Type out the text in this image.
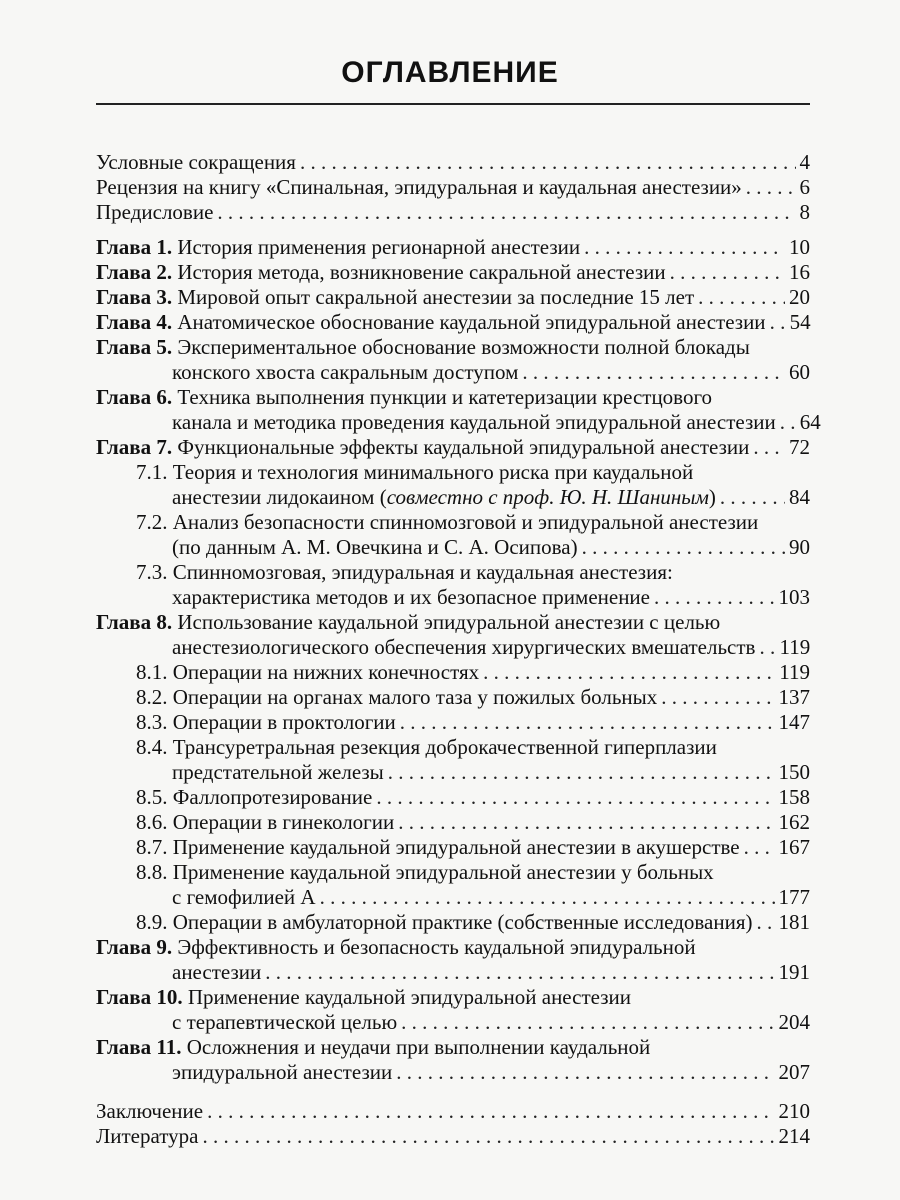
ОГЛАВЛЕНИЕ
Условные сокращения . . .	4
Рецензия на книгу «Спинальная, эпидуральная и каудальная анестезии» . . .	6
Предисловие . . .	8
Глава 1. История применения регионарной анестезии . . .	10
Глава 2. История метода, возникновение сакральной анестезии . . .	16
Глава 3. Мировой опыт сакральной анестезии за последние 15 лет . . .	20
Глава 4. Анатомическое обоснование каудальной эпидуральной анестезии . . . 54
Глава 5. Экспериментальное обоснование возможности полной блокады
конского хвоста сакральным доступом . . .	60
Глава 6. Техника выполнения пункции и катетеризации крестцового
канала и методика проведения каудальной эпидуральной анестезии . . . 64
Глава 7. Функциональные эффекты каудальной эпидуральной анестезии . . . 72
7.1. Теория и технология минимального риска при каудальной
анестезии лидокаином (совместно с проф. Ю. Н. Шаниным) . . .	84
7.2. Анализ безопасности спинномозговой и эпидуральной анестезии
(по данным А. М. Овечкина и С. А. Осипова) . . .	90
7.3. Спинномозговая, эпидуральная и каудальная анестезия:
характеристика методов и их безопасное применение . . .	103
Глава 8. Использование каудальной эпидуральной анестезии с целью
анестезиологического обеспечения хирургических вмешательств . . . 119
8.1. Операции на нижних конечностях . . .	119
8.2. Операции на органах малого таза у пожилых больных . . .	137
8.3. Операции в проктологии . . .	147
8.4. Трансуретральная резекция доброкачественной гиперплазии
предстательной железы . . .	150
8.5. Фаллопротезирование . . .	158
8.6. Операции в гинекологии . . .	162
8.7. Применение каудальной эпидуральной анестезии в акушерстве . . . 167
8.8. Применение каудальной эпидуральной анестезии у больных
с гемофилией А . . .	177
8.9. Операции в амбулаторной практике (собственные исследования) . . . 181
Глава 9. Эффективность и безопасность каудальной эпидуральной
анестезии . . .	191
Глава 10. Применение каудальной эпидуральной анестезии
с терапевтической целью . . .	204
Глава 11. Осложнения и неудачи при выполнении каудальной
эпидуральной анестезии . . .	207
Заключение . . .	210
Литература . . .	214
